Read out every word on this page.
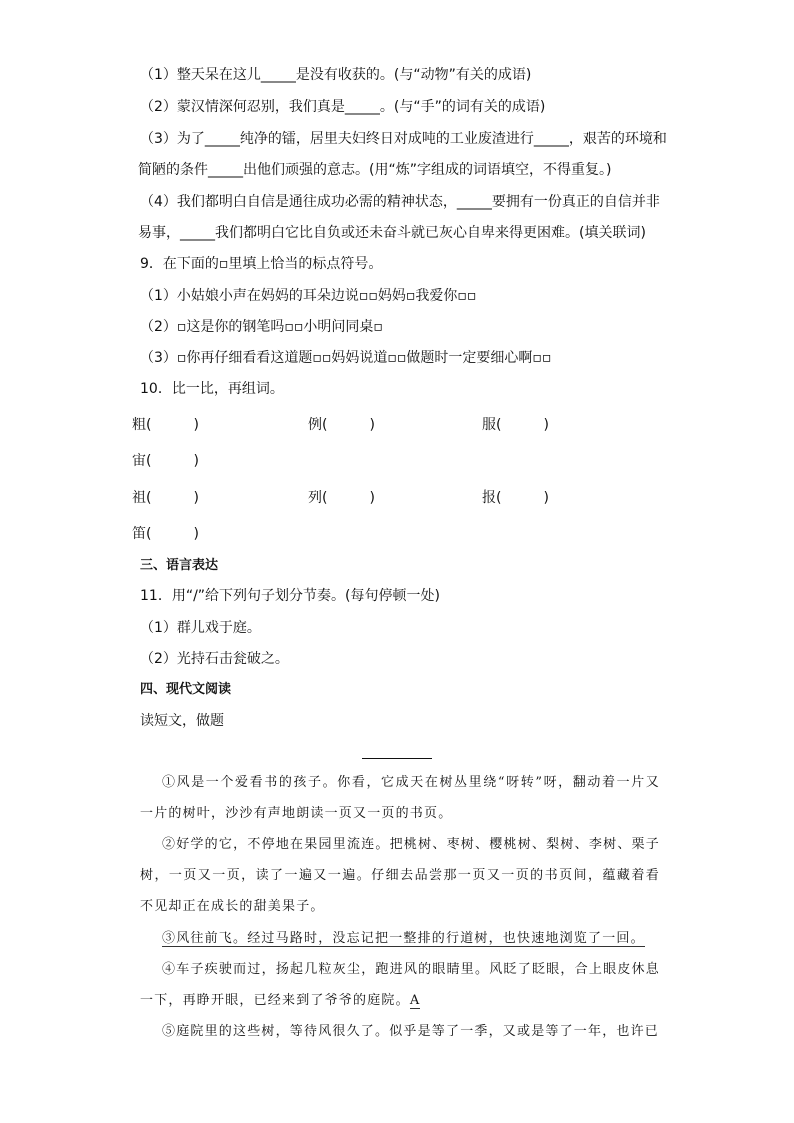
（1）整天呆在这儿_____是没有收获的。(与“动物”有关的成语)

（2）蒙汉情深何忍别，我们真是_____。(与“手”的词有关的成语)

（3）为了_____纯净的镭，居里夫妇终日对成吨的工业废渣进行_____，艰苦的环境和

简陋的条件_____出他们顽强的意志。(用“炼”字组成的词语填空，不得重复。)

（4）我们都明白自信是通往成功必需的精神状态，_____要拥有一份真正的自信并非

易事，_____我们都明白它比自负或还未奋斗就已灰心自卑来得更困难。(填关联词)

9．在下面的▫里填上恰当的标点符号。

（1）小姑娘小声在妈妈的耳朵边说▫▫妈妈▫我爱你▫▫

（2）▫这是你的钢笔吗▫▫小明问同桌▫

（3）▫你再仔细看看这道题▫▫妈妈说道▫▫做题时一定要细心啊▫▫

10．比一比，再组词。

粗(　　　)	例(　　　)	服(　　　)
宙(　　　)
祖(　　　)	列(　　　)	报(　　　)
笛(　　　)

三、语言表达

11．用“/”给下列句子划分节奏。(每句停顿一处)

（1）群儿戏于庭。

（2）光持石击瓮破之。

四、现代文阅读

读短文，做题

①风是一个爱看书的孩子。你看，它成天在树丛里绕“呀转”呀，翻动着一片又一片的树叶，沙沙有声地朗读一页又一页的书页。

②好学的它，不停地在果园里流连。把桃树、枣树、樱桃树、梨树、李树、栗子树，一页又一页，读了一遍又一遍。仔细去品尝那一页又一页的书页间，蕴藏着看不见却正在成长的甜美果子。

③风往前飞。经过马路时，没忘记把一整排的行道树，也快速地浏览了一回。

④车子疾驶而过，扬起几粒灰尘，跑进风的眼睛里。风眨了眨眼，合上眼皮休息一下，再睁开眼，已经来到了爷爷的庭院。A

⑤庭院里的这些树，等待风很久了。似乎是等了一季，又或是等了一年，也许已
